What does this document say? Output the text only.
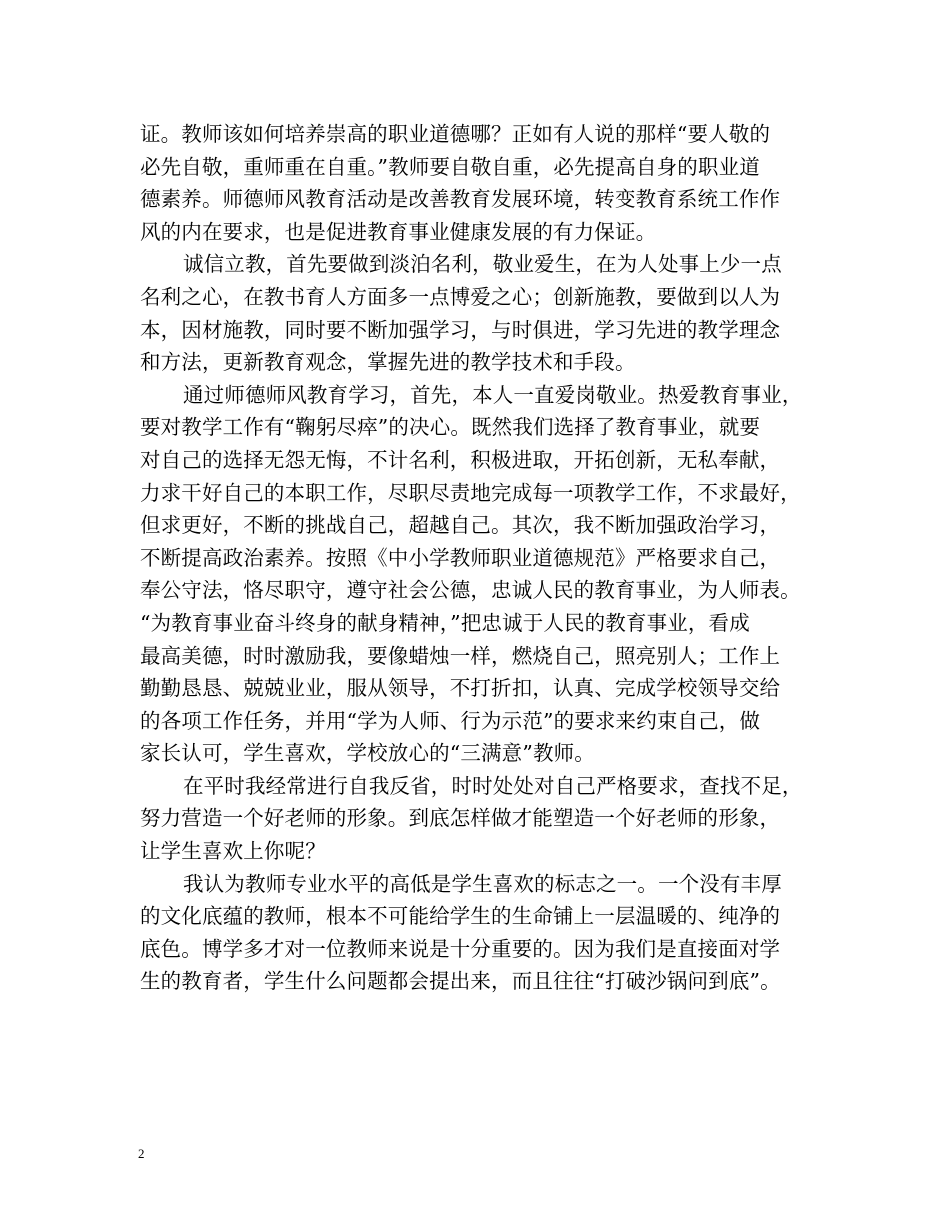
证。教师该如何培养崇高的职业道德哪？正如有人说的那样“要人敬的
必先自敬，重师重在自重。”教师要自敬自重，必先提高自身的职业道
德素养。师德师风教育活动是改善教育发展环境，转变教育系统工作作
风的内在要求，也是促进教育事业健康发展的有力保证。
诚信立教，首先要做到淡泊名利，敬业爱生，在为人处事上少一点
名利之心，在教书育人方面多一点博爱之心；创新施教，要做到以人为
本，因材施教，同时要不断加强学习，与时俱进，学习先进的教学理念
和方法，更新教育观念，掌握先进的教学技术和手段。
通过师德师风教育学习，首先，本人一直爱岗敬业。热爱教育事业，
要对教学工作有“鞠躬尽瘁”的决心。既然我们选择了教育事业，就要
对自己的选择无怨无悔，不计名利，积极进取，开拓创新，无私奉献，
力求干好自己的本职工作，尽职尽责地完成每一项教学工作，不求最好，
但求更好，不断的挑战自己，超越自己。其次，我不断加强政治学习，
不断提高政治素养。按照《中小学教师职业道德规范》严格要求自己，
奉公守法，恪尽职守，遵守社会公德，忠诚人民的教育事业，为人师表。
“为教育事业奋斗终身的献身精神，”把忠诚于人民的教育事业，看成
最高美德，时时激励我，要像蜡烛一样，燃烧自己，照亮别人；工作上
勤勤恳恳、兢兢业业，服从领导，不打折扣，认真、完成学校领导交给
的各项工作任务，并用“学为人师、行为示范”的要求来约束自己，做
家长认可，学生喜欢，学校放心的“三满意”教师。
在平时我经常进行自我反省，时时处处对自己严格要求，查找不足，
努力营造一个好老师的形象。到底怎样做才能塑造一个好老师的形象，
让学生喜欢上你呢？
我认为教师专业水平的高低是学生喜欢的标志之一。一个没有丰厚
的文化底蕴的教师，根本不可能给学生的生命铺上一层温暖的、纯净的
底色。博学多才对一位教师来说是十分重要的。因为我们是直接面对学
生的教育者，学生什么问题都会提出来，而且往往“打破沙锅问到底”。
2
